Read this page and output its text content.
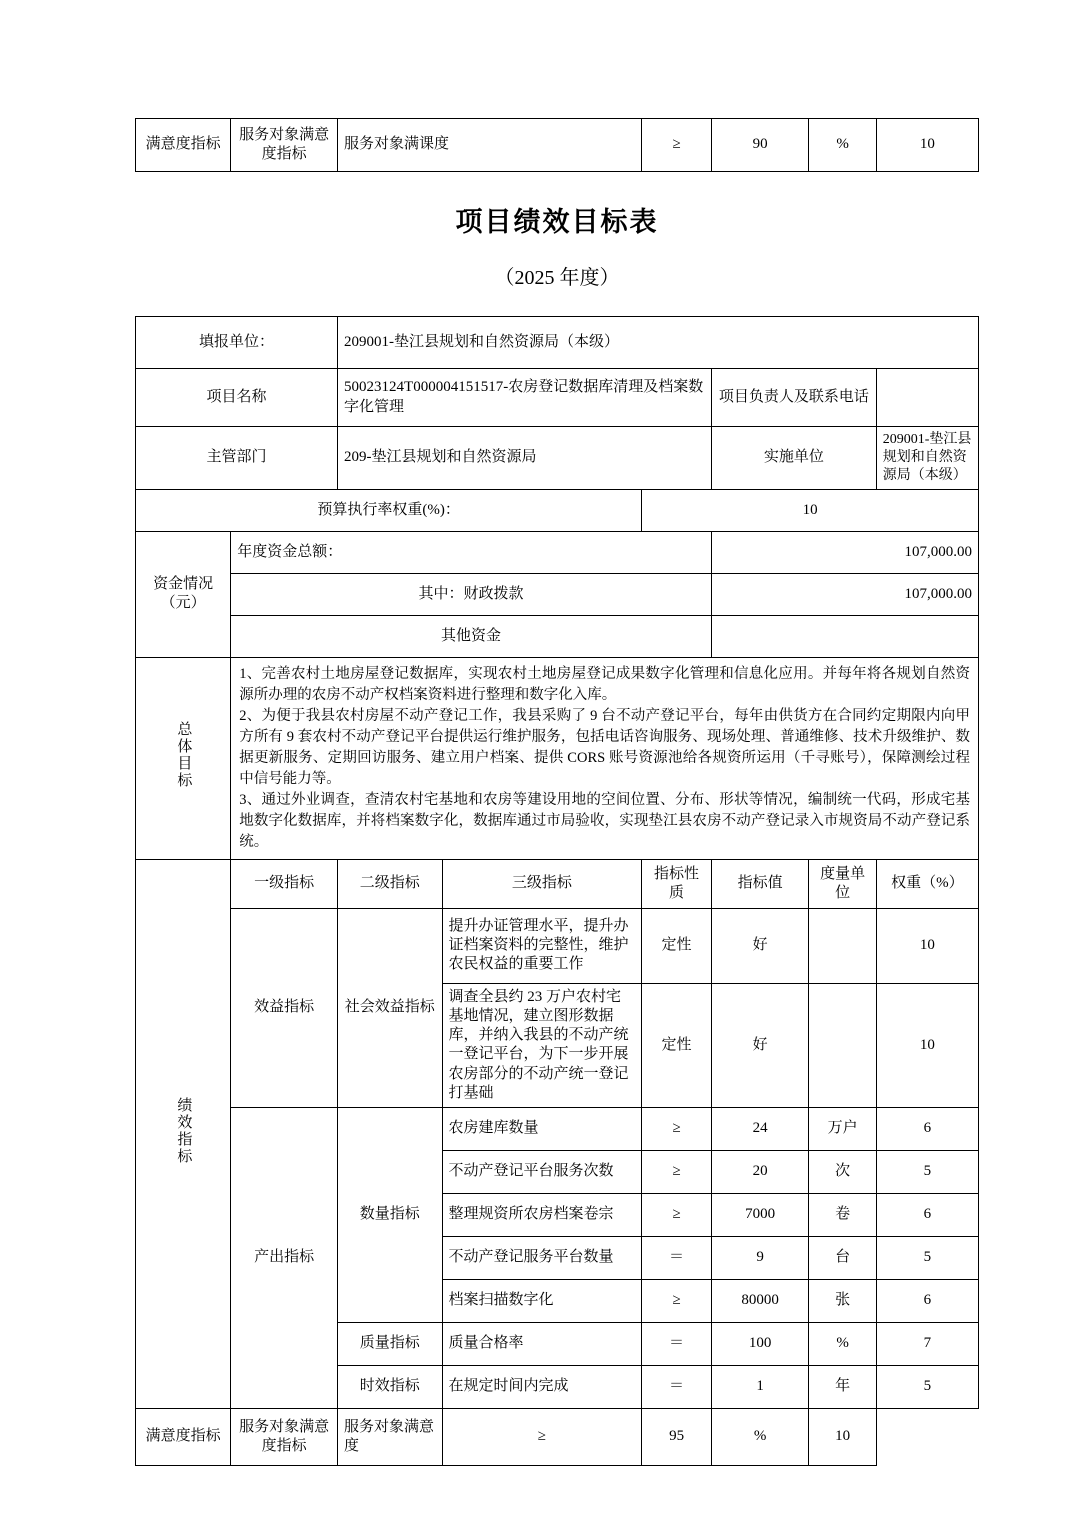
满意度指标	服务对象满意度指标	服务对象满课度	≥	90	%	10
项目绩效目标表
（2025 年度）
填报单位：		209001-垫江县规划和自然资源局（本级）					
项目名称		50023124T000004151517-农房登记数据库清理及档案数字化管理			项目负责人及联系电话		
主管部门		209-垫江县规划和自然资源局			实施单位		209001-垫江县规划和自然资源局（本级）
预算执行率权重(%)：				10			
资金情况（元）	年度资金总额：				107,000.00		
	其中：财政拨款				107,000.00		
	其他资金						
总体目标	1、完善农村土地房屋登记数据库，实现农村土地房屋登记成果数字化管理和信息化应用。并每年将各规划自然资源所办理的农房不动产权档案资料进行整理和数字化入库。

2、为便于我县农村房屋不动产登记工作，我县采购了 9 台不动产登记平台，每年由供货方在合同约定期限内向甲方所有 9 套农村不动产登记平台提供运行维护服务，包括电话咨询服务、现场处理、普通维修、技术升级维护、数据更新服务、定期回访服务、建立用户档案、提供 CORS 账号资源池给各规资所运用（千寻账号），保障测绘过程中信号能力等。

3、通过外业调查，查清农村宅基地和农房等建设用地的空间位置、分布、形状等情况，编制统一代码，形成宅基地数字化数据库，并将档案数字化，数据库通过市局验收，实现垫江县农房不动产登记录入市规资局不动产登记系统。						

绩效指标	一级指标	二级指标	三级指标	指标性质	指标值	度量单位	权重（%）
	效益指标	社会效益指标	提升办证管理水平，提升办证档案资料的完整性，维护农民权益的重要工作	定性	好		10
			调查全县约 23 万户农村宅基地情况，建立图形数据库，并纳入我县的不动产统一登记平台，为下一步开展农房部分的不动产统一登记打基础	定性	好		10
	产出指标	数量指标	农房建库数量	≥	24	万户	6
			不动产登记平台服务次数	≥	20	次	5
			整理规资所农房档案卷宗	≥	7000	卷	6
			不动产登记服务平台数量	＝	9	台	5
			档案扫描数字化	≥	80000	张	6
		质量指标	质量合格率	＝	100	%	7
		时效指标	在规定时间内完成	＝	1	年	5
满意度指标	服务对象满意度指标	服务对象满意度	≥	95	%	10	
